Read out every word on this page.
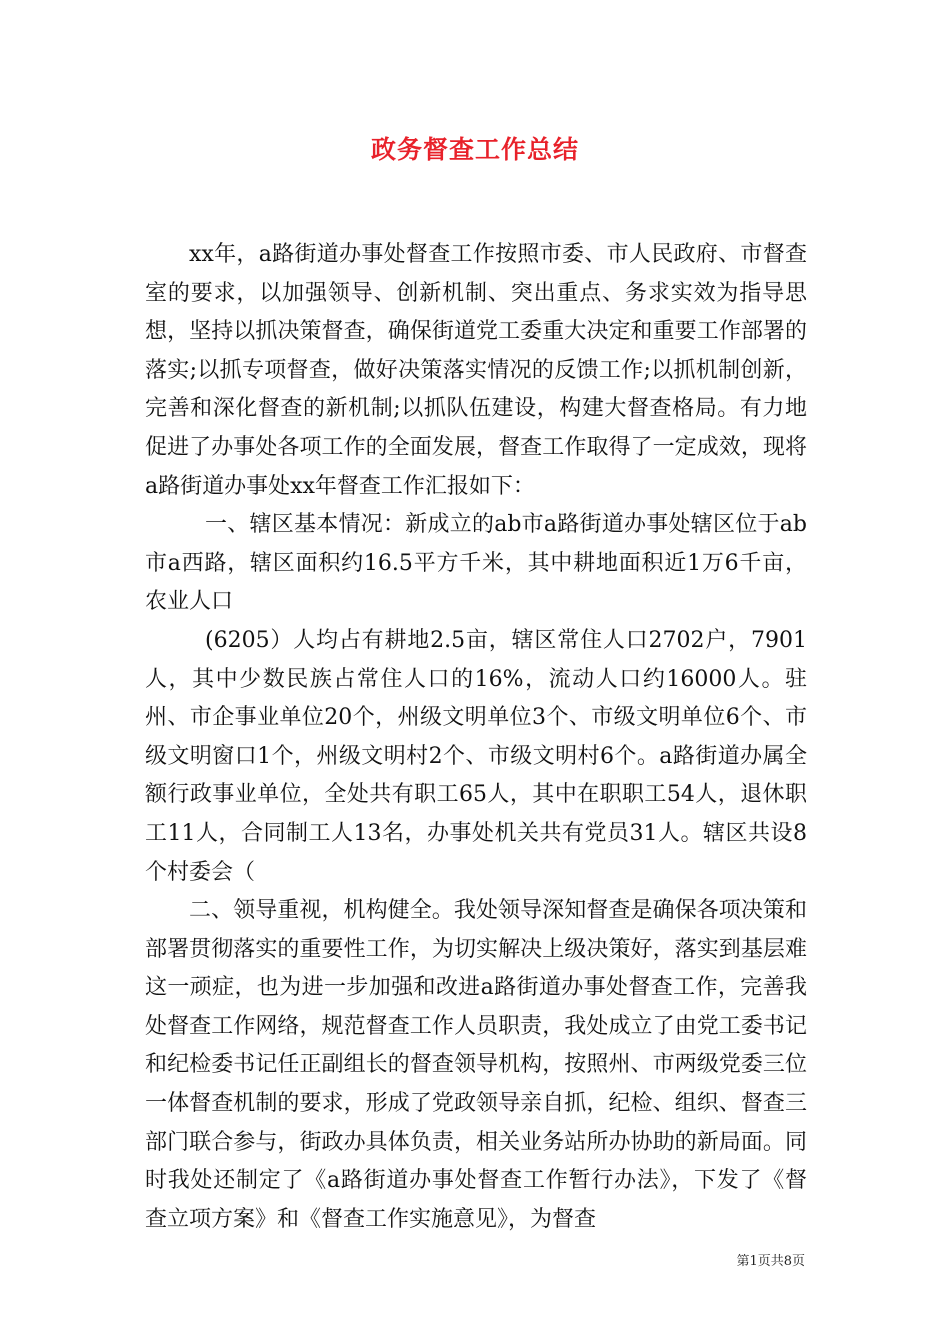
政务督查工作总结

xx年，a路街道办事处督查工作按照市委、市人民政府、市督查室的要求，以加强领导、创新机制、突出重点、务求实效为指导思想，坚持以抓决策督查，确保街道党工委重大决定和重要工作部署的落实;以抓专项督查，做好决策落实情况的反馈工作;以抓机制创新，完善和深化督查的新机制;以抓队伍建设，构建大督查格局。有力地促进了办事处各项工作的全面发展，督查工作取得了一定成效，现将a路街道办事处xx年督查工作汇报如下：

一、辖区基本情况：新成立的ab市a路街道办事处辖区位于ab市a西路，辖区面积约16.5平方千米，其中耕地面积近1万6千亩，农业人口

(6205）人均占有耕地2.5亩，辖区常住人口2702户，7901人，其中少数民族占常住人口的16%，流动人口约16000人。驻州、市企事业单位20个，州级文明单位3个、市级文明单位6个、市级文明窗口1个，州级文明村2个、市级文明村6个。a路街道办属全额行政事业单位，全处共有职工65人，其中在职职工54人，退休职工11人，合同制工人13名，办事处机关共有党员31人。辖区共设8个村委会（

二、领导重视，机构健全。我处领导深知督查是确保各项决策和部署贯彻落实的重要性工作，为切实解决上级决策好，落实到基层难这一顽症，也为进一步加强和改进a路街道办事处督查工作，完善我处督查工作网络，规范督查工作人员职责，我处成立了由党工委书记和纪检委书记任正副组长的督查领导机构，按照州、市两级党委三位一体督查机制的要求，形成了党政领导亲自抓，纪检、组织、督查三部门联合参与，街政办具体负责，相关业务站所办协助的新局面。同时我处还制定了《a路街道办事处督查工作暂行办法》，下发了《督查立项方案》和《督查工作实施意见》，为督查

第1页共8页
